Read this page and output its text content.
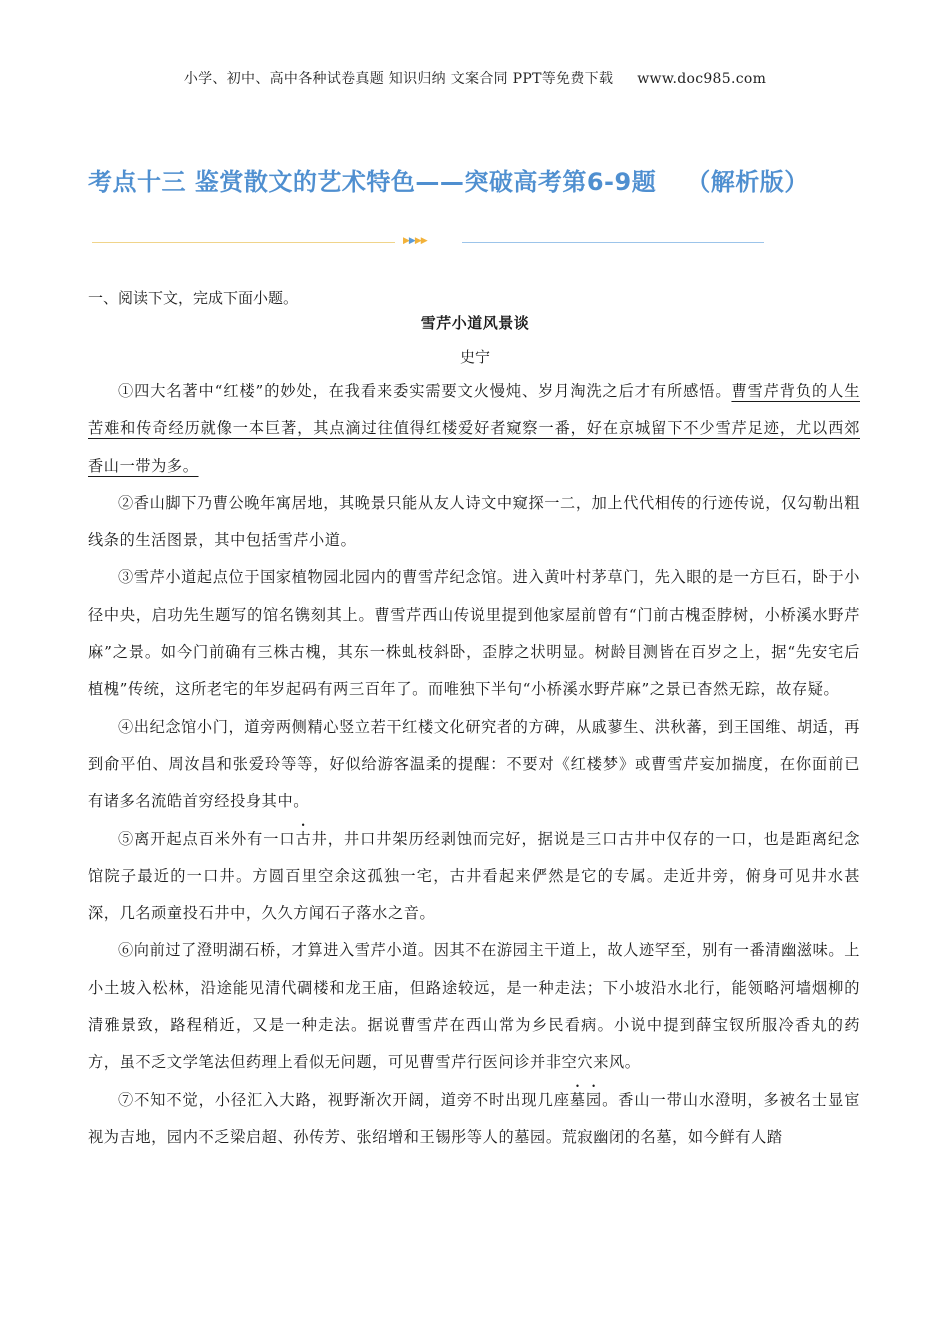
小学、初中、高中各种试卷真题 知识归纳 文案合同 PPT等免费下载 www.doc985.com
考点十三 鉴赏散文的艺术特色——突破高考第6-9题 （解析版）
▶▶▶▶
一、阅读下文，完成下面小题。
雪芹小道风景谈
史宁

①四大名著中“红楼”的妙处，在我看来委实需要文火慢炖、岁月淘洗之后才有所感悟。曹雪芹背负的人生苦难和传奇经历就像一本巨著，其点滴过往值得红楼爱好者窥察一番，好在京城留下不少雪芹足迹，尤以西郊香山一带为多。

②香山脚下乃曹公晚年寓居地，其晚景只能从友人诗文中窥探一二，加上代代相传的行迹传说，仅勾勒出粗线条的生活图景，其中包括雪芹小道。

③雪芹小道起点位于国家植物园北园内的曹雪芹纪念馆。进入黄叶村茅草门，先入眼的是一方巨石，卧于小径中央，启功先生题写的馆名镌刻其上。曹雪芹西山传说里提到他家屋前曾有“门前古槐歪脖树，小桥溪水野芹麻”之景。如今门前确有三株古槐，其东一株虬枝斜卧，歪脖之状明显。树龄目测皆在百岁之上，据“先安宅后植槐”传统，这所老宅的年岁起码有两三百年了。而唯独下半句“小桥溪水野芹麻”之景已杳然无踪，故存疑。

④出纪念馆小门，道旁两侧精心竖立若干红楼文化研究者的方碑，从戚蓼生、洪秋蕃，到王国维、胡适，再到俞平伯、周汝昌和张爱玲等等，好似给游客温柔的提醒：不要对《红楼梦》或曹雪芹妄加揣度，在你面前已有诸多名流皓首穷经投身其中。

⑤离开起点百米外有一口古井，井口井架历经剥蚀而完好，据说是三口古井中仅存的一口，也是距离纪念馆院子最近的一口井。方圆百里空余这孤独一宅，古井看起来俨然是它的专属。走近井旁，俯身可见井水甚深，几名顽童投石井中，久久方闻石子落水之音。

⑥向前过了澄明湖石桥，才算进入雪芹小道。因其不在游园主干道上，故人迹罕至，别有一番清幽滋味。上小土坡入松林，沿途能见清代碉楼和龙王庙，但路途较远，是一种走法；下小坡沿水北行，能领略河墙烟柳的清雅景致，路程稍近，又是一种走法。据说曹雪芹在西山常为乡民看病。小说中提到薛宝钗所服冷香丸的药方，虽不乏文学笔法但药理上看似无问题，可见曹雪芹行医问诊并非空穴来风。

⑦不知不觉，小径汇入大路，视野渐次开阔，道旁不时出现几座墓园。香山一带山水澄明，多被名士显宦视为吉地，园内不乏梁启超、孙传芳、张绍增和王锡彤等人的墓园。荒寂幽闭的名墓，如今鲜有人踏
